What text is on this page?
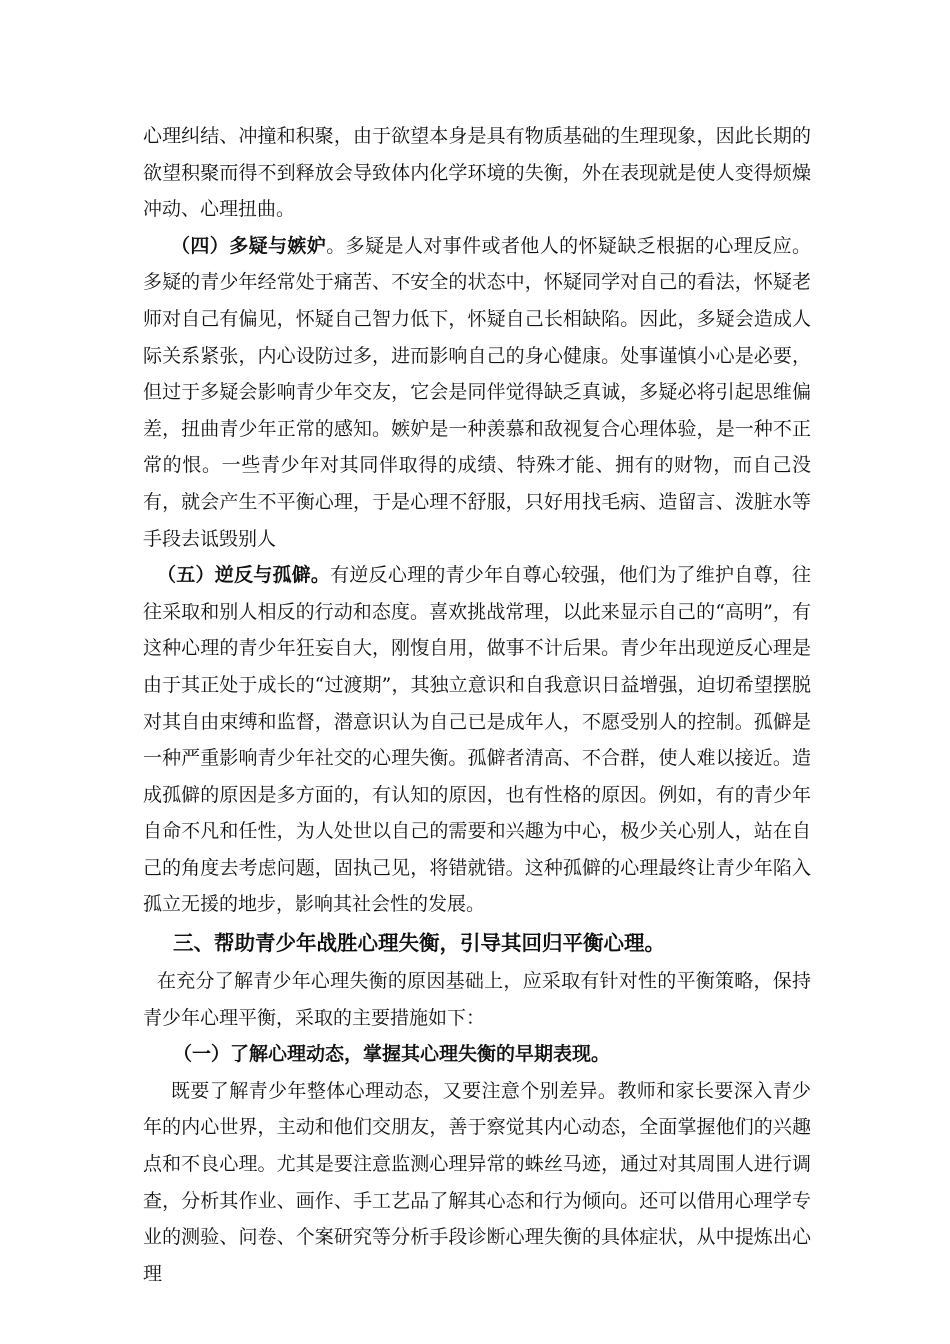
心理纠结、冲撞和积聚，由于欲望本身是具有物质基础的生理现象，因此长期的欲望积聚而得不到释放会导致体内化学环境的失衡，外在表现就是使人变得烦燥冲动、心理扭曲。

（四）多疑与嫉妒。多疑是人对事件或者他人的怀疑缺乏根据的心理反应。多疑的青少年经常处于痛苦、不安全的状态中，怀疑同学对自己的看法，怀疑老师对自己有偏见，怀疑自己智力低下，怀疑自己长相缺陷。因此，多疑会造成人际关系紧张，内心设防过多，进而影响自己的身心健康。处事谨慎小心是必要，但过于多疑会影响青少年交友，它会是同伴觉得缺乏真诚，多疑必将引起思维偏差，扭曲青少年正常的感知。嫉妒是一种羡慕和敌视复合心理体验，是一种不正常的恨。一些青少年对其同伴取得的成绩、特殊才能、拥有的财物，而自己没有，就会产生不平衡心理，于是心理不舒服，只好用找毛病、造留言、泼脏水等手段去诋毁别人

（五）逆反与孤僻。有逆反心理的青少年自尊心较强，他们为了维护自尊，往往采取和别人相反的行动和态度。喜欢挑战常理，以此来显示自己的“高明”，有这种心理的青少年狂妄自大，刚愎自用，做事不计后果。青少年出现逆反心理是由于其正处于成长的“过渡期”，其独立意识和自我意识日益增强，迫切希望摆脱对其自由束缚和监督，潜意识认为自己已是成年人，不愿受别人的控制。孤僻是一种严重影响青少年社交的心理失衡。孤僻者清高、不合群，使人难以接近。造成孤僻的原因是多方面的，有认知的原因，也有性格的原因。例如，有的青少年自命不凡和任性，为人处世以自己的需要和兴趣为中心，极少关心别人，站在自己的角度去考虑问题，固执己见，将错就错。这种孤僻的心理最终让青少年陷入孤立无援的地步，影响其社会性的发展。

三、帮助青少年战胜心理失衡，引导其回归平衡心理。

在充分了解青少年心理失衡的原因基础上，应采取有针对性的平衡策略，保持青少年心理平衡，采取的主要措施如下：

（一）了解心理动态，掌握其心理失衡的早期表现。

既要了解青少年整体心理动态，又要注意个别差异。教师和家长要深入青少年的内心世界，主动和他们交朋友，善于察觉其内心动态，全面掌握他们的兴趣点和不良心理。尤其是要注意监测心理异常的蛛丝马迹，通过对其周围人进行调查，分析其作业、画作、手工艺品了解其心态和行为倾向。还可以借用心理学专业的测验、问卷、个案研究等分析手段诊断心理失衡的具体症状，从中提炼出心理
